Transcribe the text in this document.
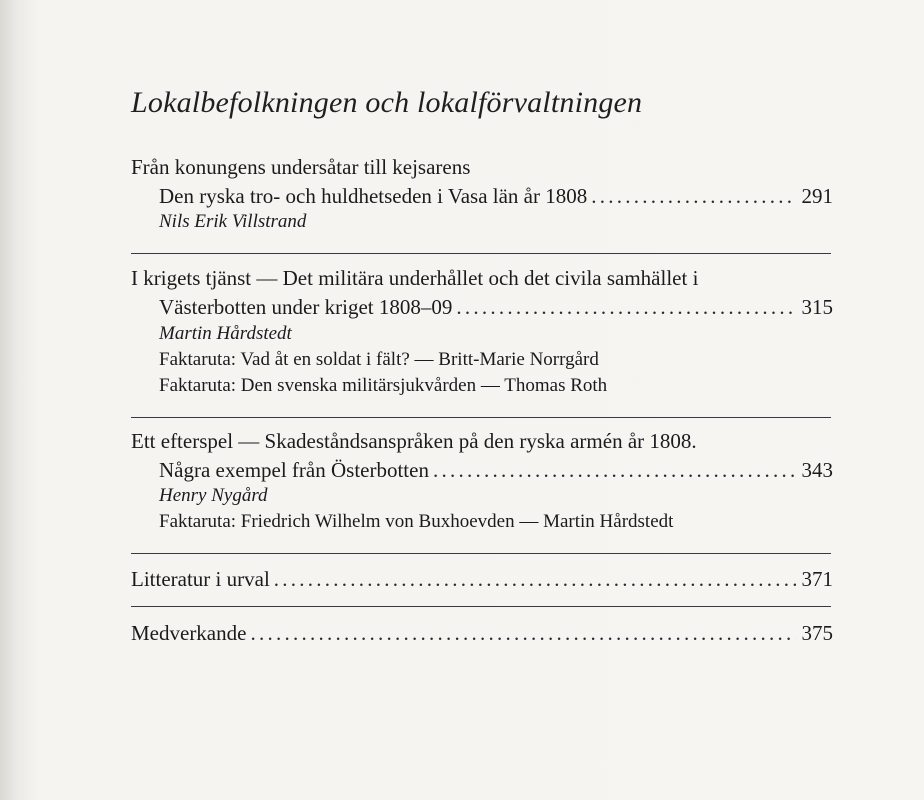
Lokalbefolkningen och lokalförvaltningen
Från konungens undersåtar till kejsarens
Den ryska tro- och huldhetseden i Vasa län år 1808 . . .	291
Nils Erik Villstrand
I krigets tjänst — Det militära underhållet och det civila samhället i
Västerbotten under kriget 1808–09 . . .	315
Martin Hårdstedt
Faktaruta: Vad åt en soldat i fält? — Britt-Marie Norrgård
Faktaruta: Den svenska militärsjukvården — Thomas Roth
Ett efterspel — Skadeståndsanspråken på den ryska armén år 1808.
Några exempel från Österbotten . . .	343
Henry Nygård
Faktaruta: Friedrich Wilhelm von Buxhoevden — Martin Hårdstedt
Litteratur i urval . . .	371
Medverkande . . .	375
